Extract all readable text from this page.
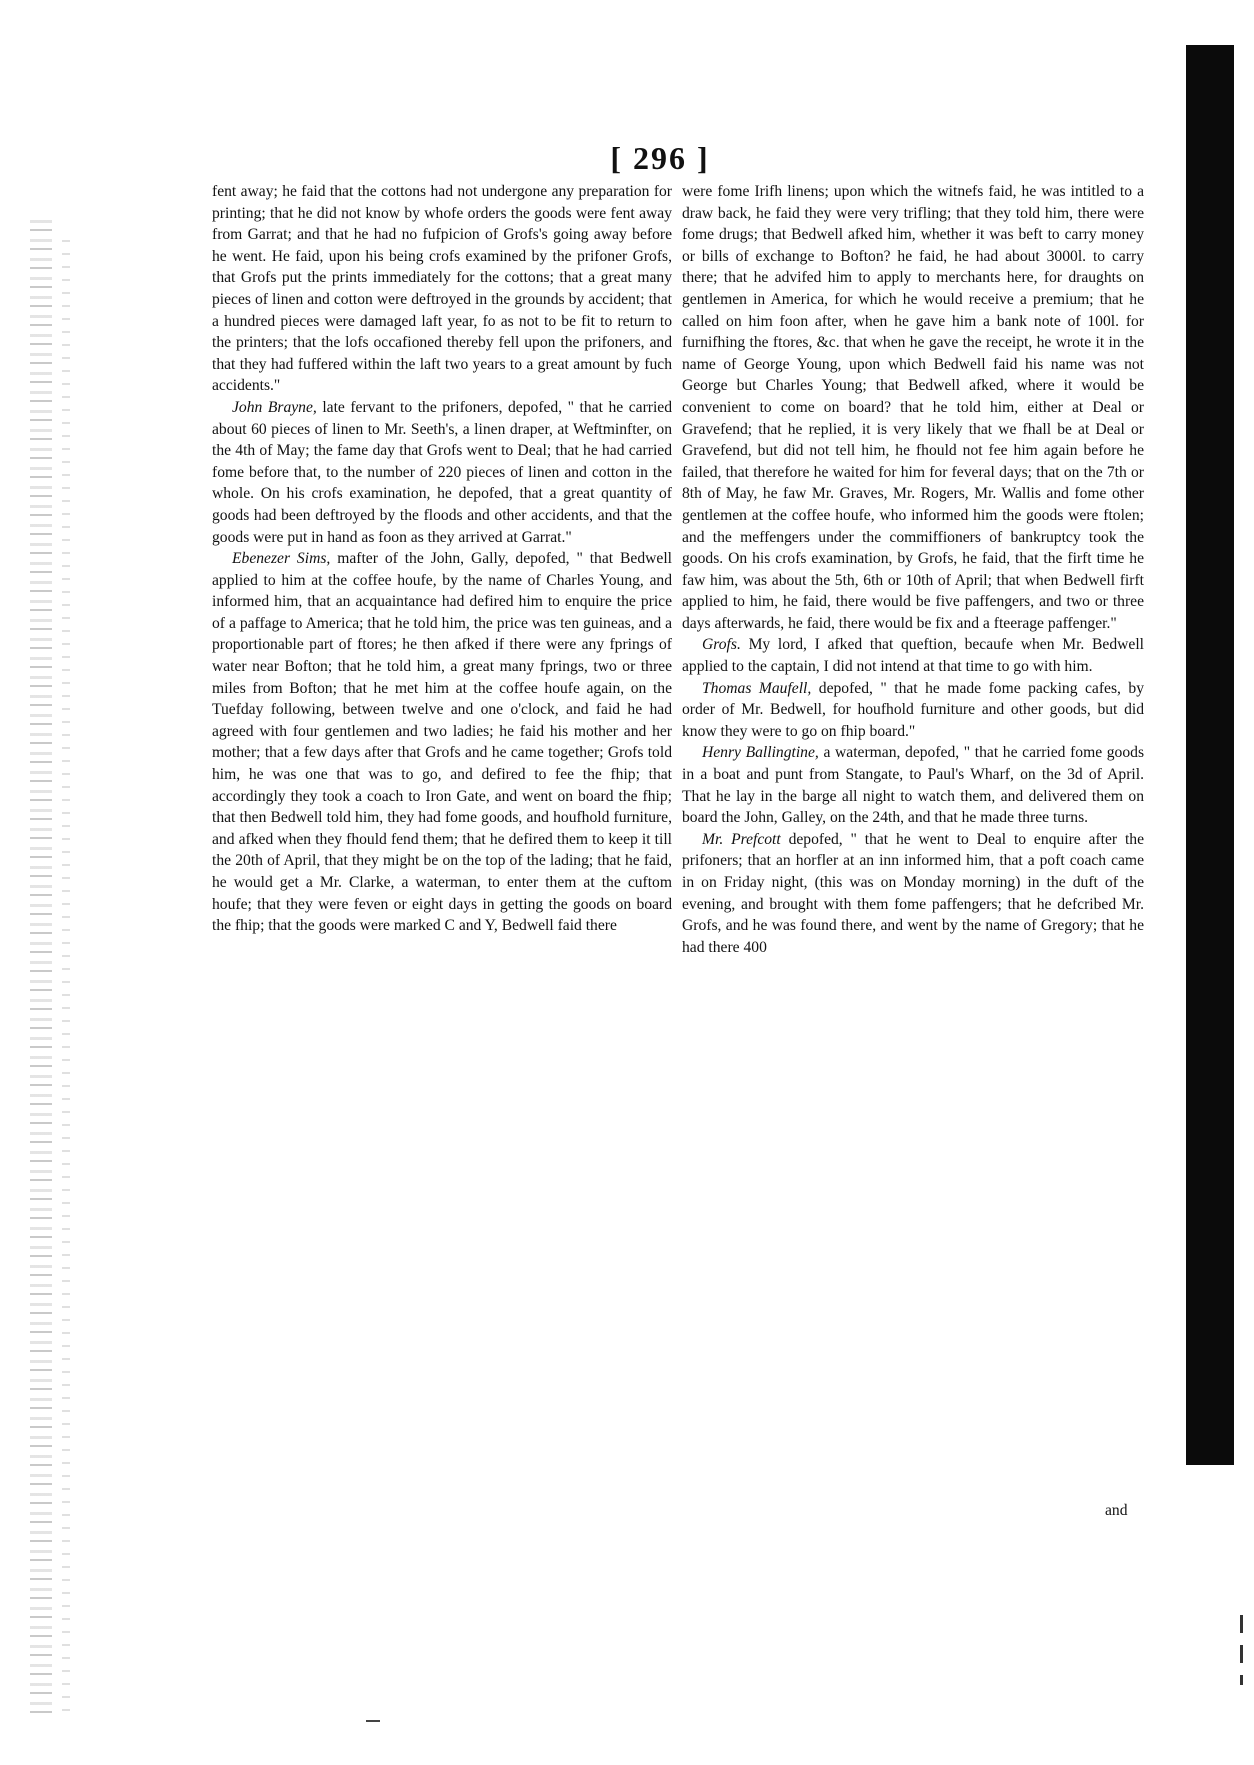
[ 296 ]

fent away; he faid that the cottons had not undergone any preparation for printing; that he did not know by whofe orders the goods were fent away from Garrat; and that he had no fufpicion of Grofs's going away before he went. He faid, upon his being crofs examined by the prifoner Grofs, that Grofs put the prints immediately for the cottons; that a great many pieces of linen and cotton were deftroyed in the grounds by accident; that a hundred pieces were damaged laft year, fo as not to be fit to return to the printers; that the lofs occafioned thereby fell upon the prifoners, and that they had fuffered within the laft two years to a great amount by fuch accidents."

John Brayne, late fervant to the prifoners, depofed, " that he carried about 60 pieces of linen to Mr. Seeth's, a linen draper, at Weftminfter, on the 4th of May; the fame day that Grofs went to Deal; that he had carried fome before that, to the number of 220 pieces of linen and cotton in the whole. On his crofs examination, he depofed, that a great quantity of goods had been deftroyed by the floods and other accidents, and that the goods were put in hand as foon as they arrived at Garrat."

Ebenezer Sims, mafter of the John, Gally, depofed, " that Bedwell applied to him at the coffee houfe, by the name of Charles Young, and informed him, that an acquaintance had defired him to enquire the price of a paffage to America; that he told him, the price was ten guineas, and a proportionable part of ftores; he then afked if there were any fprings of water near Bofton; that he told him, a great many fprings, two or three miles from Bofton; that he met him at the coffee houfe again, on the Tuefday following, between twelve and one o'clock, and faid he had agreed with four gentlemen and two ladies; he faid his mother and her mother; that a few days after that Grofs and he came together; Grofs told him, he was one that was to go, and defired to fee the fhip; that accordingly they took a coach to Iron Gate, and went on board the fhip; that then Bedwell told him, they had fome goods, and houfhold furniture, and afked when they fhould fend them; that he defired them to keep it till the 20th of April, that they might be on the top of the lading; that he faid, he would get a Mr. Clarke, a waterman, to enter them at the cuftom houfe; that they were feven or eight days in getting the goods on board the fhip; that the goods were marked C and Y, Bedwell faid there

were fome Irifh linens; upon which the witnefs faid, he was intitled to a draw back, he faid they were very trifling; that they told him, there were fome drugs; that Bedwell afked him, whether it was beft to carry money or bills of exchange to Bofton? he faid, he had about 3000l. to carry there; that he advifed him to apply to merchants here, for draughts on gentlemen in America, for which he would receive a premium; that he called on him foon after, when he gave him a bank note of 100l. for furnifhing the ftores, &c. that when he gave the receipt, he wrote it in the name of George Young, upon which Bedwell faid his name was not George but Charles Young; that Bedwell afked, where it would be convenient to come on board? that he told him, either at Deal or Gravefend; that he replied, it is very likely that we fhall be at Deal or Gravefend, but did not tell him, he fhould not fee him again before he failed, that therefore he waited for him for feveral days; that on the 7th or 8th of May, he faw Mr. Graves, Mr. Rogers, Mr. Wallis and fome other gentlemen at the coffee houfe, who informed him the goods were ftolen; and the meffengers under the commiffioners of bankruptcy took the goods. On his crofs examination, by Grofs, he faid, that the firft time he faw him, was about the 5th, 6th or 10th of April; that when Bedwell firft applied to him, he faid, there would be five paffengers, and two or three days afterwards, he faid, there would be fix and a fteerage paffenger."

Grofs. My lord, I afked that queftion, becaufe when Mr. Bedwell applied to the captain, I did not intend at that time to go with him.

Thomas Maufell, depofed, " that he made fome packing cafes, by order of Mr. Bedwell, for houfhold furniture and other goods, but did know they were to go on fhip board."

Henry Ballingtine, a waterman, depofed, " that he carried fome goods in a boat and punt from Stangate, to Paul's Wharf, on the 3d of April. That he lay in the barge all night to watch them, and delivered them on board the John, Galley, on the 24th, and that he made three turns.

Mr. Prefcott depofed, " that he went to Deal to enquire after the prifoners; that an horfler at an inn informed him, that a poft coach came in on Friday night, (this was on Monday morning) in the duft of the evening, and brought with them fome paffengers; that he defcribed Mr. Grofs, and he was found there, and went by the name of Gregory; that he had there 400

and
